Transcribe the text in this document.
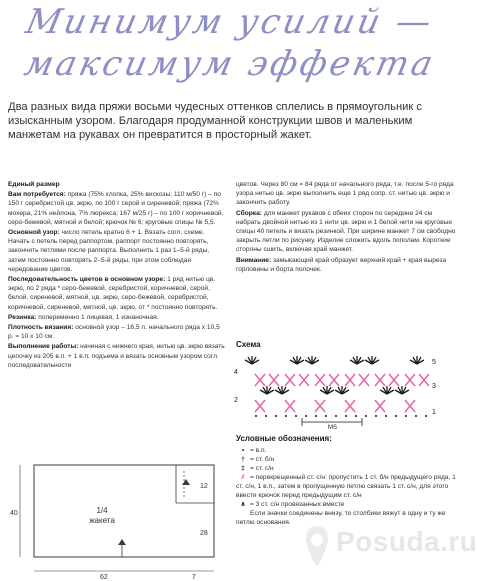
Минимум усилий —
максимум эффекта
Два разных вида пряжи восьми чудесных оттенков сплелись в прямоугольник с изысканным узором. Благодаря продуманной конструкции швов и маленьким манжетам на рукавах он превратится в просторный жакет.

Единый размер

Вам потребуется: пряжа (75% хлопка, 25% вискозы; 110 м/50 г) – по 150 г серебристой цв. экрю, по 100 г серой и сиреневой; пряжа (72% мохера, 21% нейлона, 7% люрекса; 167 м/25 г) – по 100 г коричневой, серо-бежевой, мятной и белой; крючок № 6; круговые спицы № 5,5.

Основной узор: число петель кратно 6 + 1. Вязать согл. схеме. Начать с петель перед раппортом, раппорт постоянно повторять, закончить петлями после раппорта. Выполнить 1 раз 1–5-й ряды, затем постоянно повторять 2–5-й ряды, при этом соблюдая чередование цветов.

Последовательность цветов в основном узоре: 1 ряд нитью цв. экрю, по 2 ряда * серо-бежевой, серебристой, коричневой, серой, белой, сиреневой, мятной, цв. экрю, серо-бежевой, серебристой, коричневой, сиреневой, мятной, цв. экрю, от * постоянно повторять.

Резинка: попеременно 1 лицевая, 1 изнаночная.

Плотность вязания: основной узор – 16,5 п. начального ряда х 10,5 р. = 10 х 10 см.

Выполнение работы: начиная с нижнего края, нитью цв. экрю вязать цепочку из 205 в.п. + 1 в.п. подъема и вязать основным узором согл. последовательности

цветов. Через 80 см = 84 ряда от начального ряда, т.е. после 5-го ряда узора нитью цв. экрю выполнить еще 1 ряд сопр. ст. нитью цв. экрю и закончить работу.

Сборка: для манжет рукавов с обеих сторон по середине 24 см набрать двойной нитью из 1 нити цв. экрю и 1 белой нити на круговые спицы 40 петель и вязать резинкой. При ширине манжет 7 см свободно закрыть петли по рисунку. Изделие сложить вдоль пополам. Короткие стороны сшить, включая край манжет.

Внимание: замыкающий край образует верхний край + края выреза горловины и борта полочек.

Схема
4
2
5
3
1
МS
Условные обозначения:
• = в.п.
† = ст. б/н
‡ = ст. с/н
✗ = перекрещенный ст. с/н: пропустить 1 ст. б/н предыдущего ряда, 1 ст. с/н, 1 в.п., затем в пропущенную петлю связать 1 ст. с/н, для этого ввести крючок перед предыдущим ст. с/н
∧ = 3 ст. с/н провязанных вместе
Если значки соединены внизу, то столбики вяжут в одну и ту же петлю основания.
1/4
жакета
40
12
28
62	7
Posuda.ru
